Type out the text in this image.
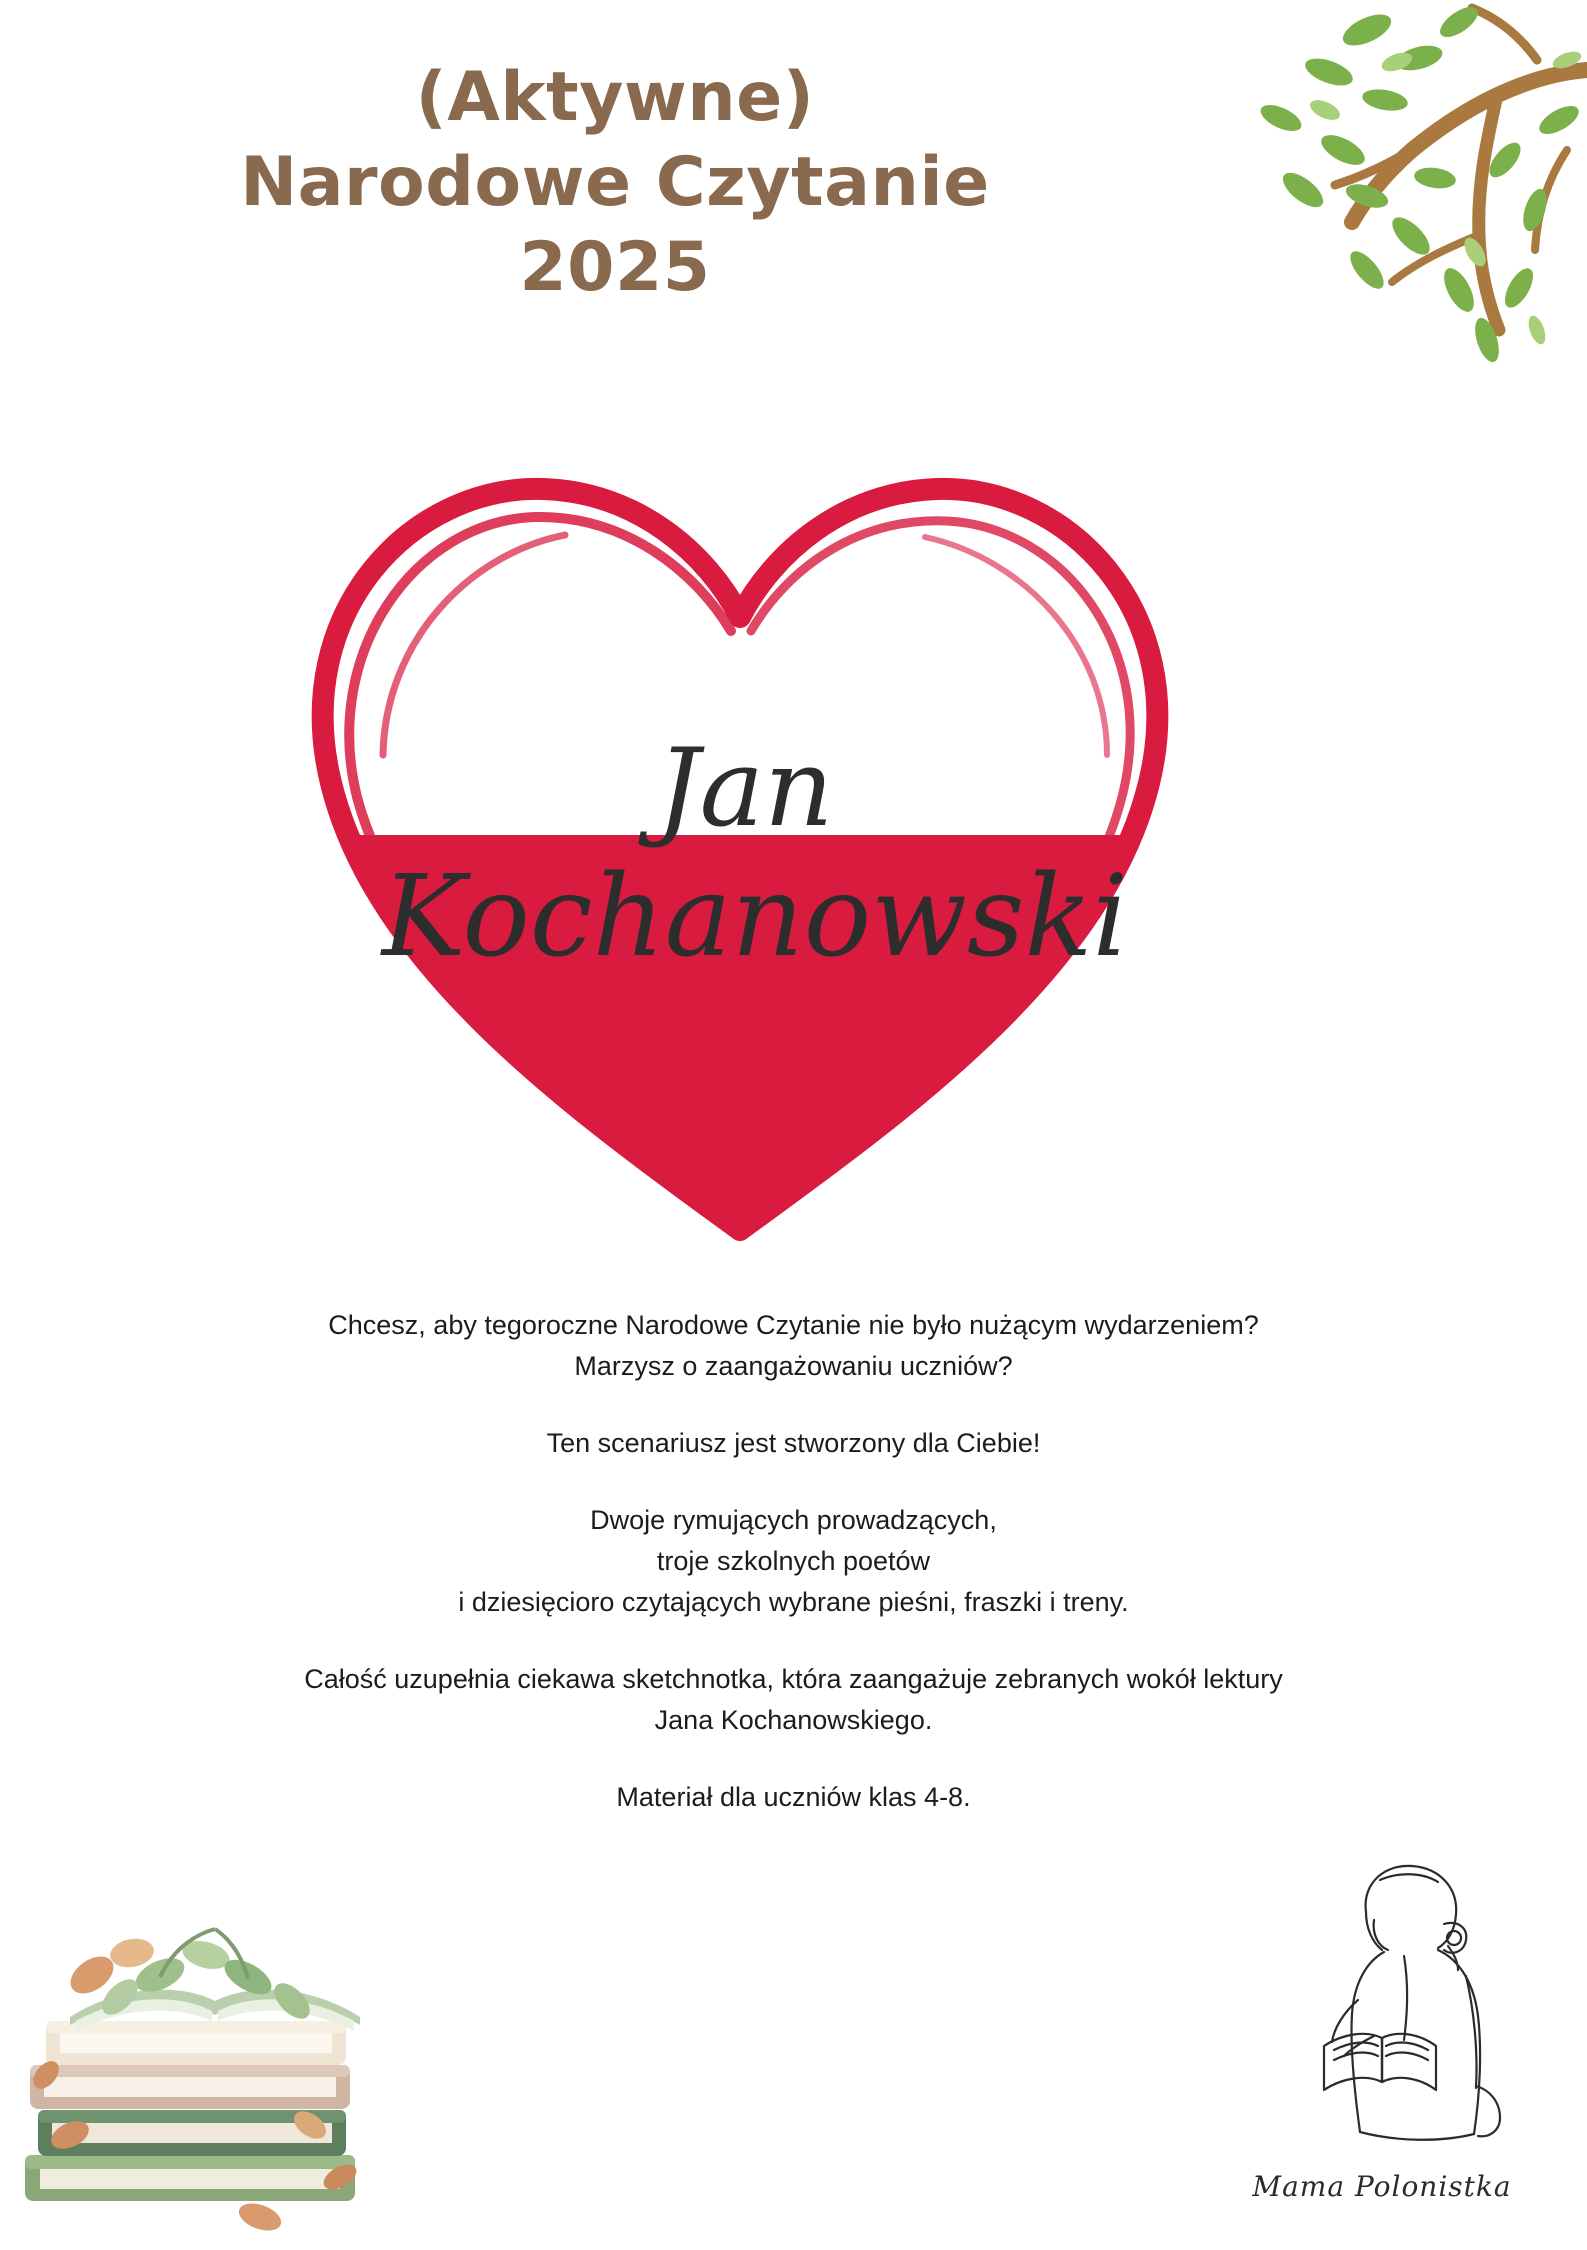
(Aktywne)
Narodowe Czytanie
2025
Jan
Kochanowski

Chcesz, aby tegoroczne Narodowe Czytanie nie było nużącym wydarzeniem?

Marzysz o zaangażowaniu uczniów?

Ten scenariusz jest stworzony dla Ciebie!

Dwoje rymujących prowadzących,

troje szkolnych poetów

i dziesięcioro czytających wybrane pieśni, fraszki i treny.

Całość uzupełnia ciekawa sketchnotka, która zaangażuje zebranych wokół lektury

Jana Kochanowskiego.

Materiał dla uczniów klas 4-8.

Mama Polonistka
